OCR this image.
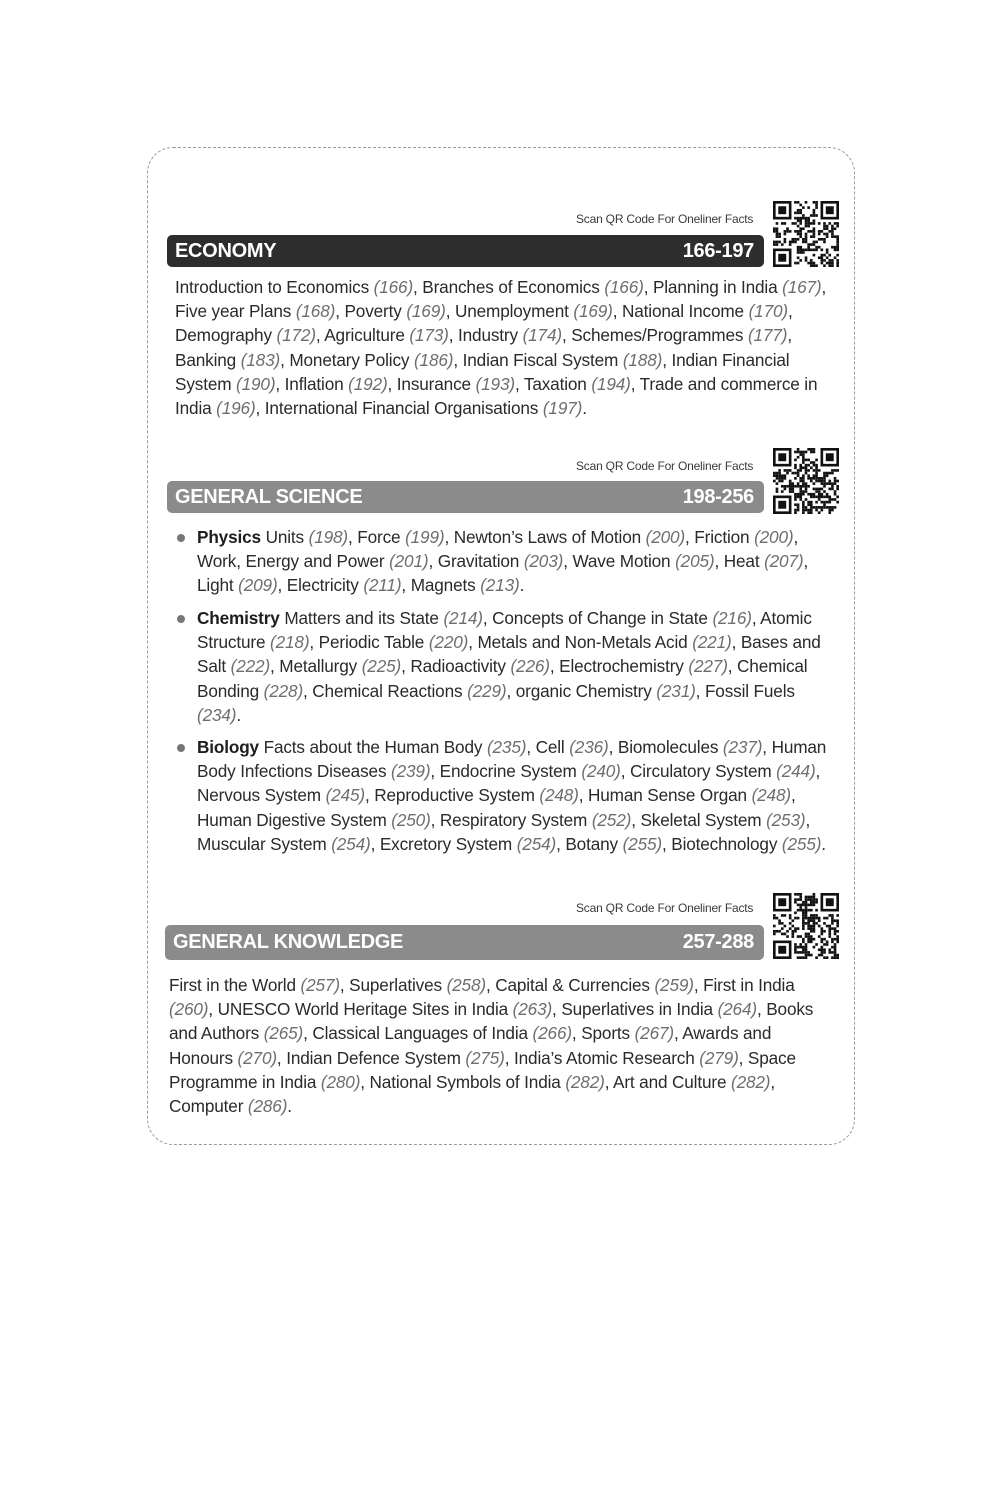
Scan QR Code For Oneliner Facts
ECONOMY	166-197
Introduction to Economics (166), Branches of Economics (166), Planning in India (167), Five year Plans (168), Poverty (169), Unemployment (169), National Income (170), Demography (172), Agriculture (173), Industry (174), Schemes/Programmes (177), Banking (183), Monetary Policy (186), Indian Fiscal System (188), Indian Financial System (190), Inflation (192), Insurance (193), Taxation (194), Trade and commerce in India (196), International Financial Organisations (197).
Scan QR Code For Oneliner Facts
GENERAL SCIENCE	198-256
Physics Units (198), Force (199), Newton’s Laws of Motion (200), Friction (200), Work, Energy and Power (201), Gravitation (203), Wave Motion (205), Heat (207), Light (209), Electricity (211), Magnets (213).
Chemistry Matters and its State (214), Concepts of Change in State (216), Atomic Structure (218), Periodic Table (220), Metals and Non-Metals Acid (221), Bases and Salt (222), Metallurgy (225), Radioactivity (226), Electrochemistry (227), Chemical Bonding (228), Chemical Reactions (229), organic Chemistry (231), Fossil Fuels (234).
Biology Facts about the Human Body (235), Cell (236), Biomolecules (237), Human Body Infections Diseases (239), Endocrine System (240), Circulatory System (244), Nervous System (245), Reproductive System (248), Human Sense Organ (248), Human Digestive System (250), Respiratory System (252), Skeletal System (253), Muscular System (254), Excretory System (254), Botany (255), Biotechnology (255).
Scan QR Code For Oneliner Facts
GENERAL KNOWLEDGE	257-288
First in the World (257), Superlatives (258), Capital & Currencies (259), First in India (260), UNESCO World Heritage Sites in India (263), Superlatives in India (264), Books and Authors (265), Classical Languages of India (266), Sports (267), Awards and Honours (270), Indian Defence System (275), India’s Atomic Research (279), Space Programme in India (280), National Symbols of India (282), Art and Culture (282), Computer (286).
